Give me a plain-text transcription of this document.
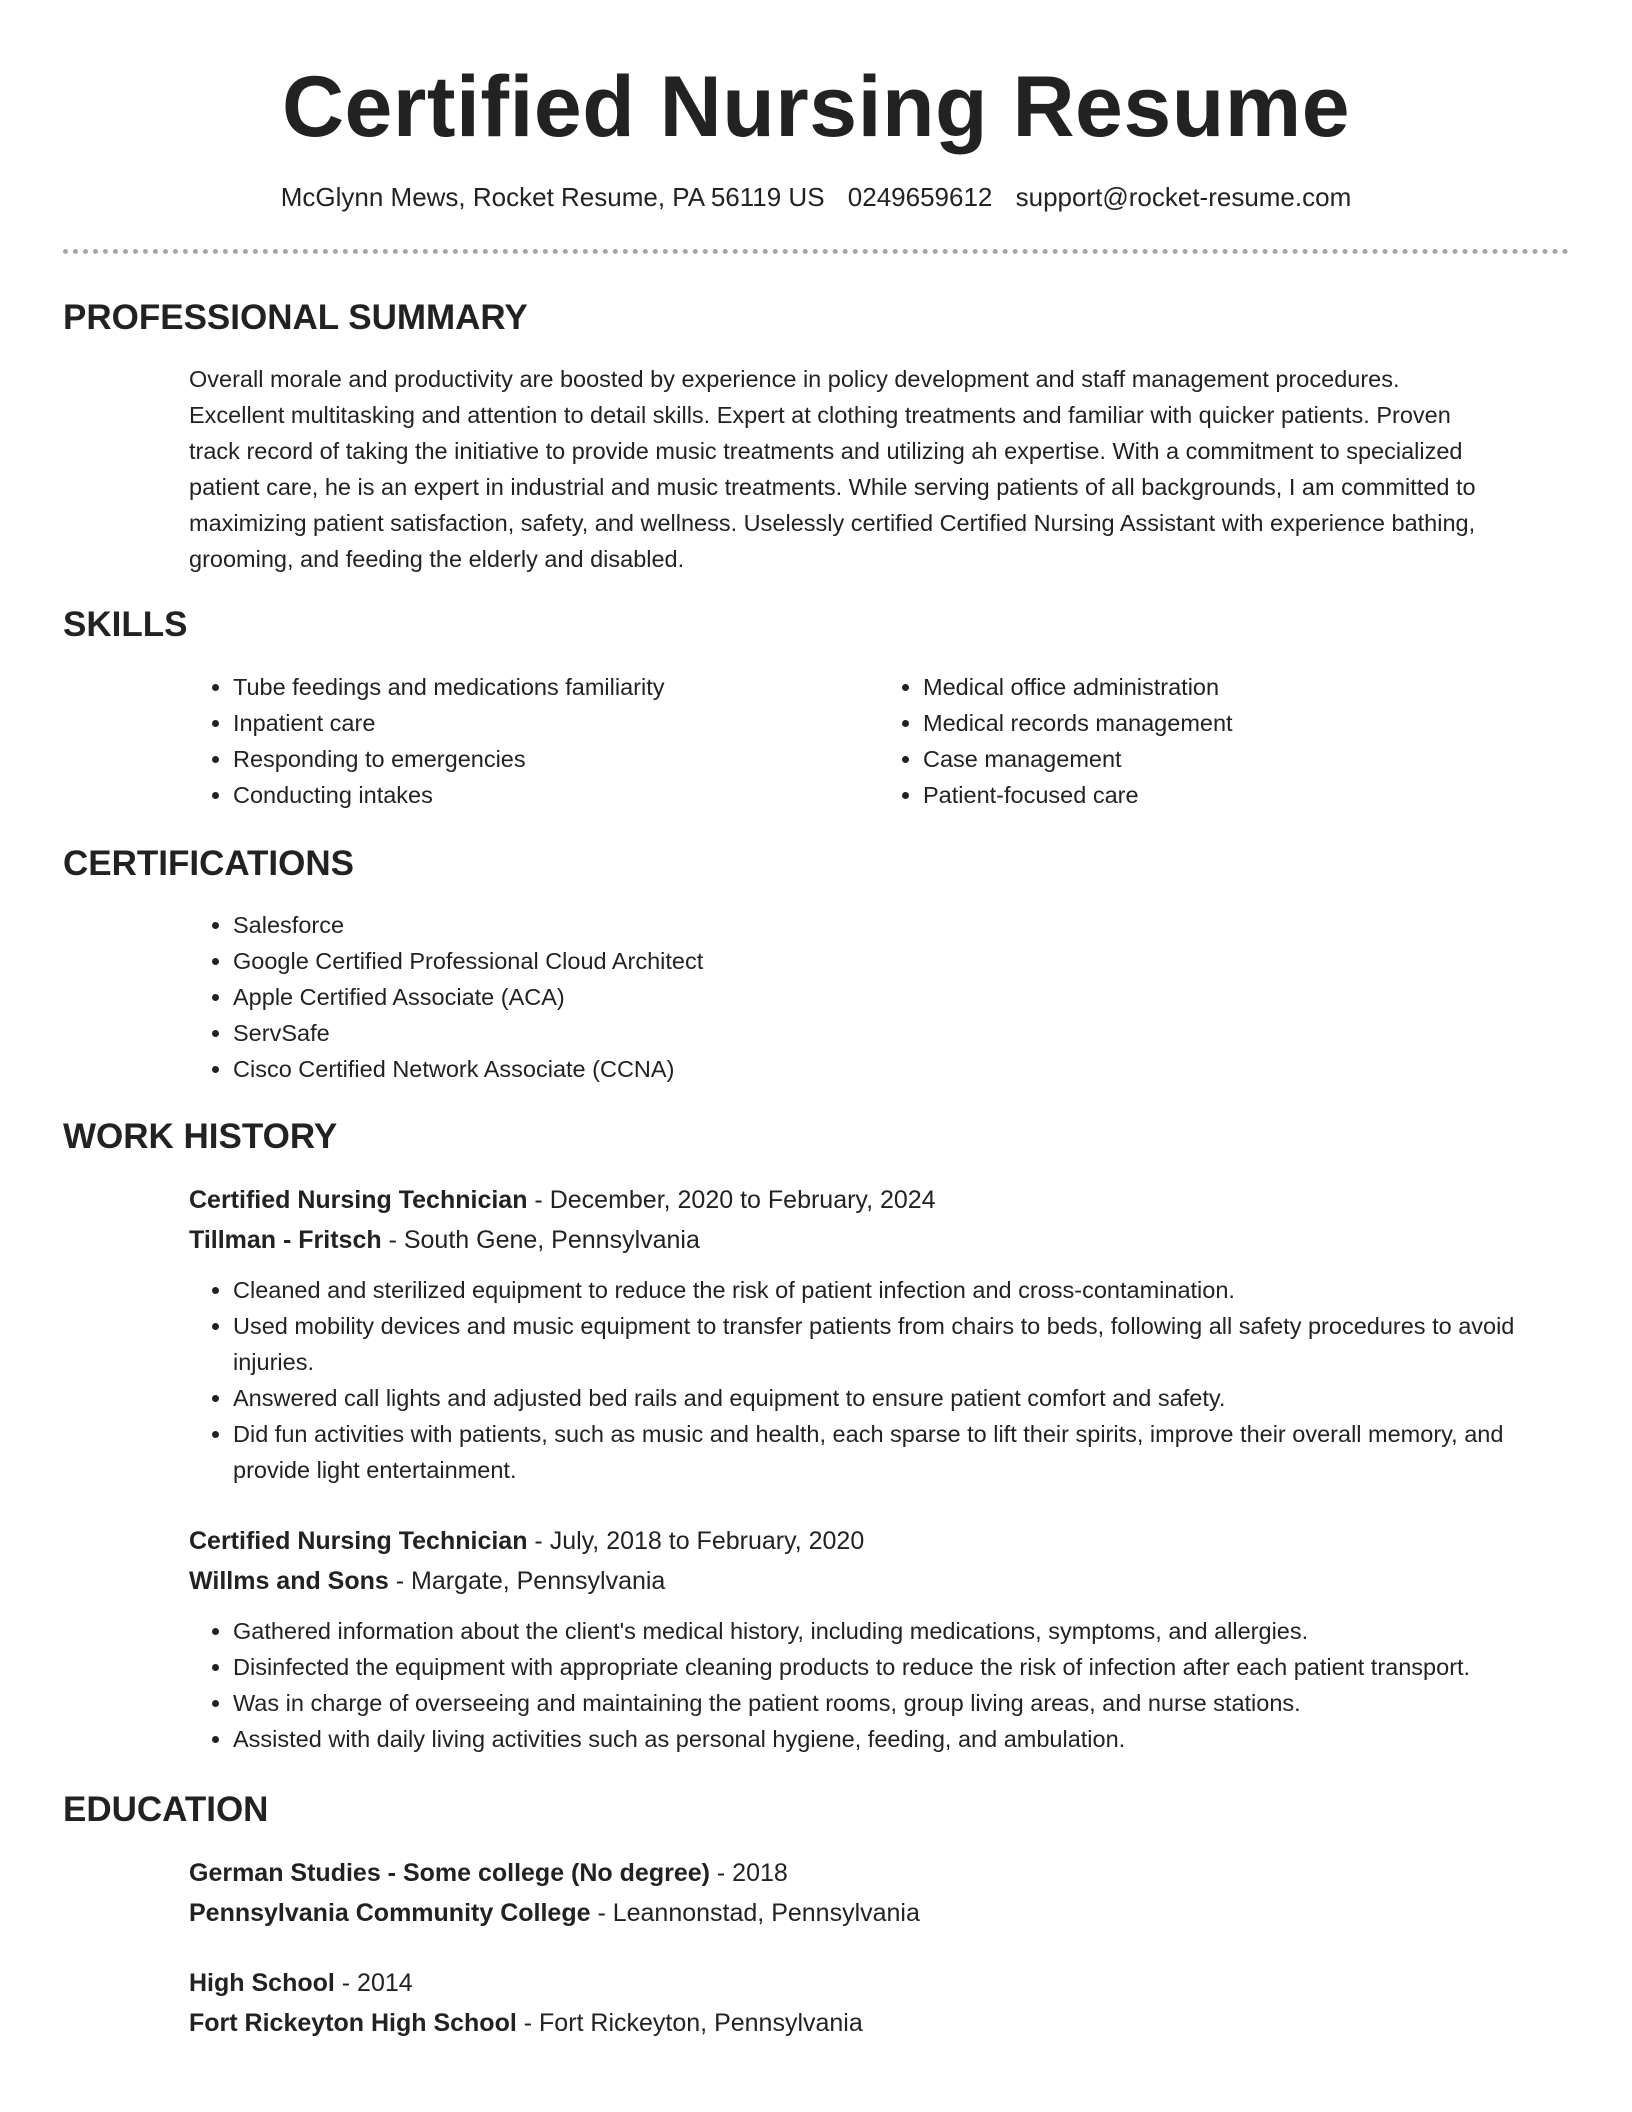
Certified Nursing Resume
McGlynn Mews, Rocket Resume, PA 56119 US 0249659612 support@rocket-resume.com
PROFESSIONAL SUMMARY

Overall morale and productivity are boosted by experience in policy development and staff management procedures.

Excellent multitasking and attention to detail skills. Expert at clothing treatments and familiar with quicker patients. Proven

track record of taking the initiative to provide music treatments and utilizing ah expertise. With a commitment to specialized

patient care, he is an expert in industrial and music treatments. While serving patients of all backgrounds, I am committed to

maximizing patient satisfaction, safety, and wellness. Uselessly certified Certified Nursing Assistant with experience bathing,

grooming, and feeding the elderly and disabled.

SKILLS
• Tube feedings and medications familiarity
• Inpatient care
• Responding to emergencies
• Conducting intakes
• Medical office administration
• Medical records management
• Case management
• Patient-focused care
CERTIFICATIONS
• Salesforce
• Google Certified Professional Cloud Architect
• Apple Certified Associate (ACA)
• ServSafe
• Cisco Certified Network Associate (CCNA)
WORK HISTORY
Certified Nursing Technician - December, 2020 to February, 2024
Tillman - Fritsch - South Gene, Pennsylvania
• Cleaned and sterilized equipment to reduce the risk of patient infection and cross-contamination.
• Used mobility devices and music equipment to transfer patients from chairs to beds, following all safety procedures to avoid injuries.
• Answered call lights and adjusted bed rails and equipment to ensure patient comfort and safety.
• Did fun activities with patients, such as music and health, each sparse to lift their spirits, improve their overall memory, and provide light entertainment.
Certified Nursing Technician - July, 2018 to February, 2020
Willms and Sons - Margate, Pennsylvania
• Gathered information about the client's medical history, including medications, symptoms, and allergies.
• Disinfected the equipment with appropriate cleaning products to reduce the risk of infection after each patient transport.
• Was in charge of overseeing and maintaining the patient rooms, group living areas, and nurse stations.
• Assisted with daily living activities such as personal hygiene, feeding, and ambulation.
EDUCATION
German Studies - Some college (No degree) - 2018
Pennsylvania Community College - Leannonstad, Pennsylvania
High School - 2014
Fort Rickeyton High School - Fort Rickeyton, Pennsylvania
